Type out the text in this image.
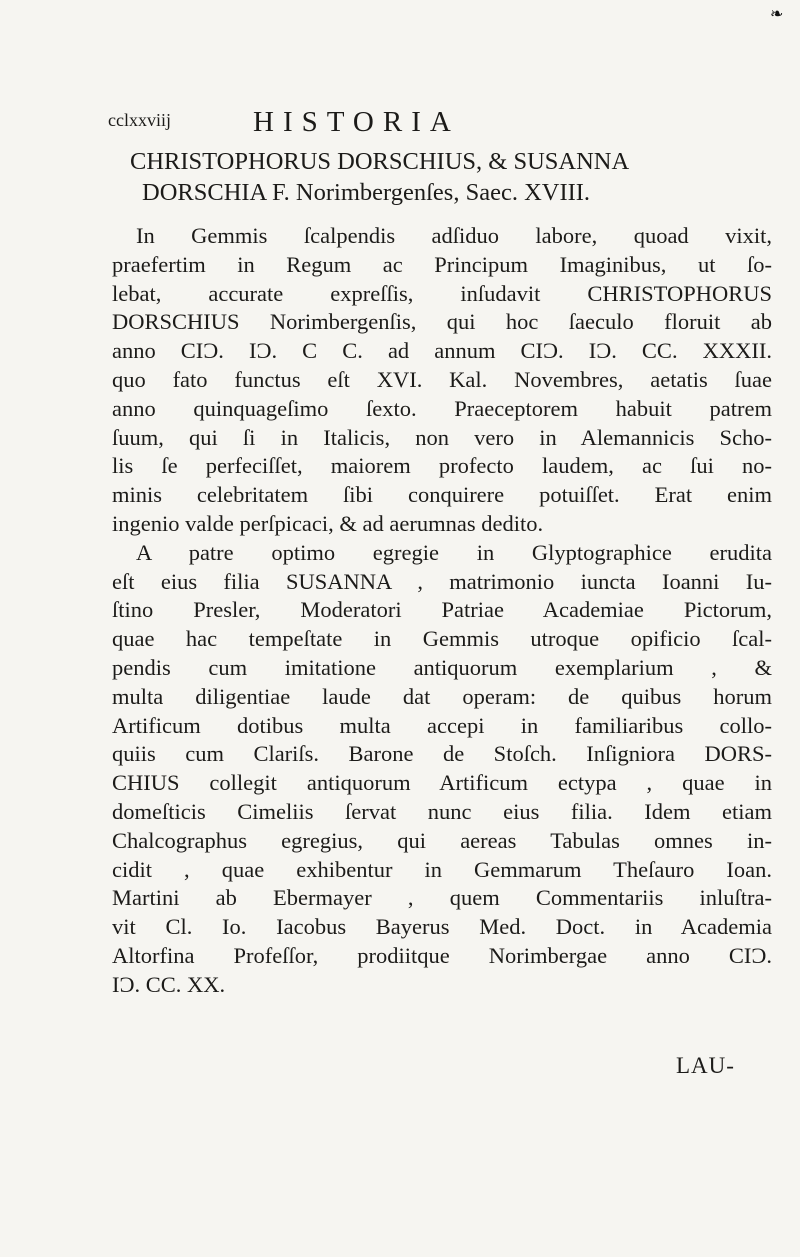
❧
cclxxviij	HISTORIA
CHRISTOPHORUS DORSCHIUS, & SUSANNA
DORSCHIA F. Norimbergenſes, Saec. XVIII.
In Gemmis ſcalpendis adſiduo labore, quoad vixit,
praefertim in Regum ac Principum Imaginibus, ut ſo-
lebat, accurate expreſſis, inſudavit CHRISTOPHORUS
DORSCHIUS Norimbergenſis, qui hoc ſaeculo floruit ab
anno CIƆ. IƆ. C C. ad annum CIƆ. IƆ. CC. XXXII.
quo fato functus eſt XVI. Kal. Novembres, aetatis ſuae
anno quinquageſimo ſexto. Praeceptorem habuit patrem
ſuum, qui ſi in Italicis, non vero in Alemannicis Scho-
lis ſe perfeciſſet, maiorem profecto laudem, ac ſui no-
minis celebritatem ſibi conquirere potuiſſet. Erat enim
ingenio valde perſpicaci, & ad aerumnas dedito.
A patre optimo egregie in Glyptographice erudita
eſt eius filia SUSANNA , matrimonio iuncta Ioanni Iu-
ſtino Presler, Moderatori Patriae Academiae Pictorum,
quae hac tempeſtate in Gemmis utroque opificio ſcal-
pendis cum imitatione antiquorum exemplarium , &
multa diligentiae laude dat operam: de quibus horum
Artificum dotibus multa accepi in familiaribus collo-
quiis cum Clariſs. Barone de Stoſch. Inſigniora DORS-
CHIUS collegit antiquorum Artificum ectypa , quae in
domeſticis Cimeliis ſervat nunc eius filia. Idem etiam
Chalcographus egregius, qui aereas Tabulas omnes in-
cidit , quae exhibentur in Gemmarum Theſauro Ioan.
Martini ab Ebermayer , quem Commentariis inluſtra-
vit Cl. Io. Iacobus Bayerus Med. Doct. in Academia
Altorfina Profeſſor, prodiitque Norimbergae anno CIƆ.
IƆ. CC. XX.
LAU-
